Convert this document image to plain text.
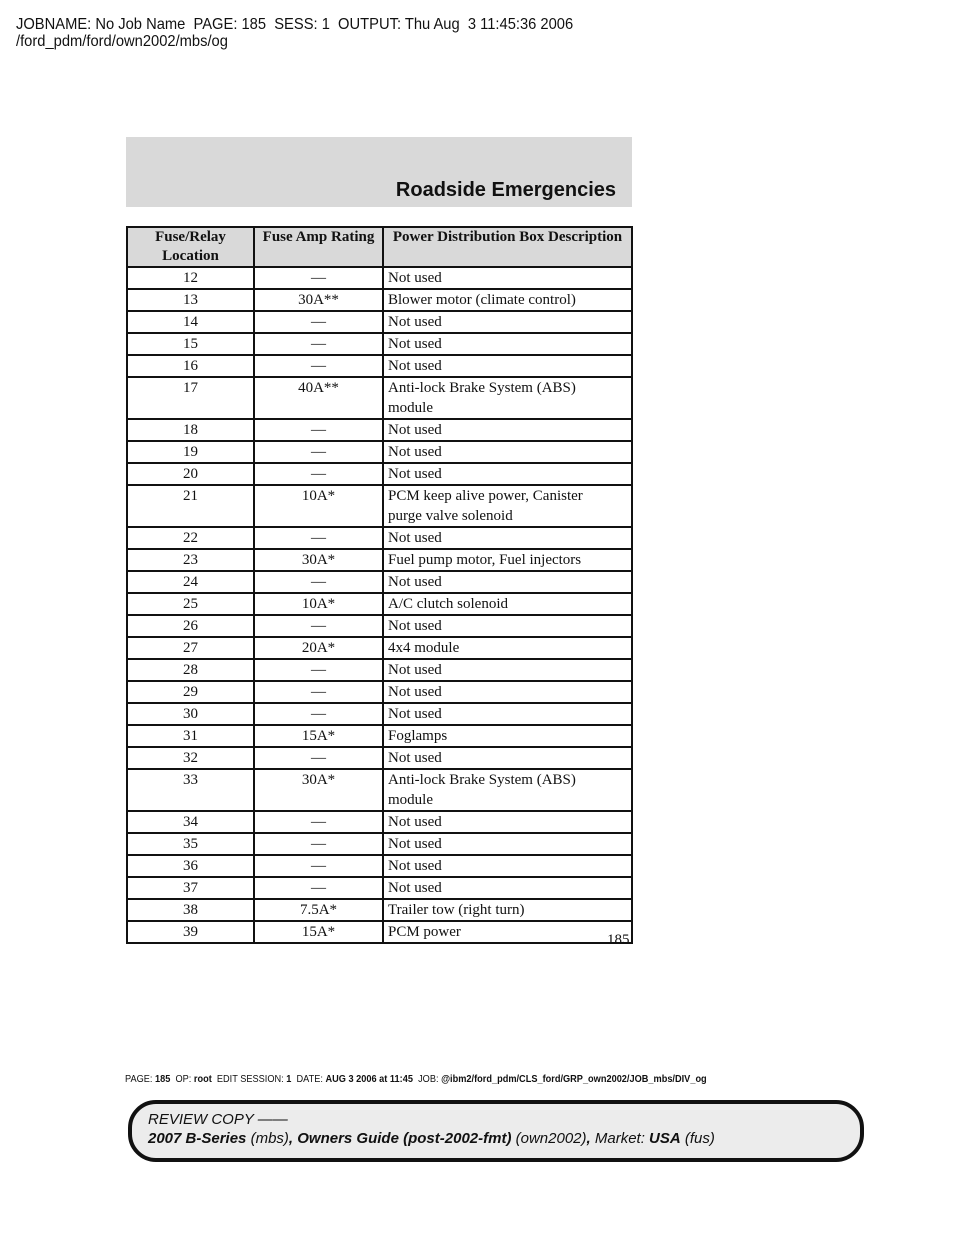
JOBNAME: No Job Name  PAGE: 185  SESS: 1  OUTPUT: Thu Aug  3 11:45:36 2006
/ford_pdm/ford/own2002/mbs/og
Roadside Emergencies
Fuse/Relay Location	Fuse Amp Rating	Power Distribution Box Description
12	—	Not used
13	30A**	Blower motor (climate control)
14	—	Not used
15	—	Not used
16	—	Not used
17	40A**	Anti-lock Brake System (ABS) module
18	—	Not used
19	—	Not used
20	—	Not used
21	10A*	PCM keep alive power, Canister purge valve solenoid
22	—	Not used
23	30A*	Fuel pump motor, Fuel injectors
24	—	Not used
25	10A*	A/C clutch solenoid
26	—	Not used
27	20A*	4x4 module
28	—	Not used
29	—	Not used
30	—	Not used
31	15A*	Foglamps
32	—	Not used
33	30A*	Anti-lock Brake System (ABS) module
34	—	Not used
35	—	Not used
36	—	Not used
37	—	Not used
38	7.5A*	Trailer tow (right turn)
39	15A*	PCM power	185
PAGE: 185 OP: root EDIT SESSION: 1 DATE: AUG 3 2006 at 11:45 JOB: @ibm2/ford_pdm/CLS_ford/GRP_own2002/JOB_mbs/DIV_og
REVIEW COPY ——
2007 B-Series (mbs), Owners Guide (post-2002-fmt) (own2002), Market: USA (fus)
